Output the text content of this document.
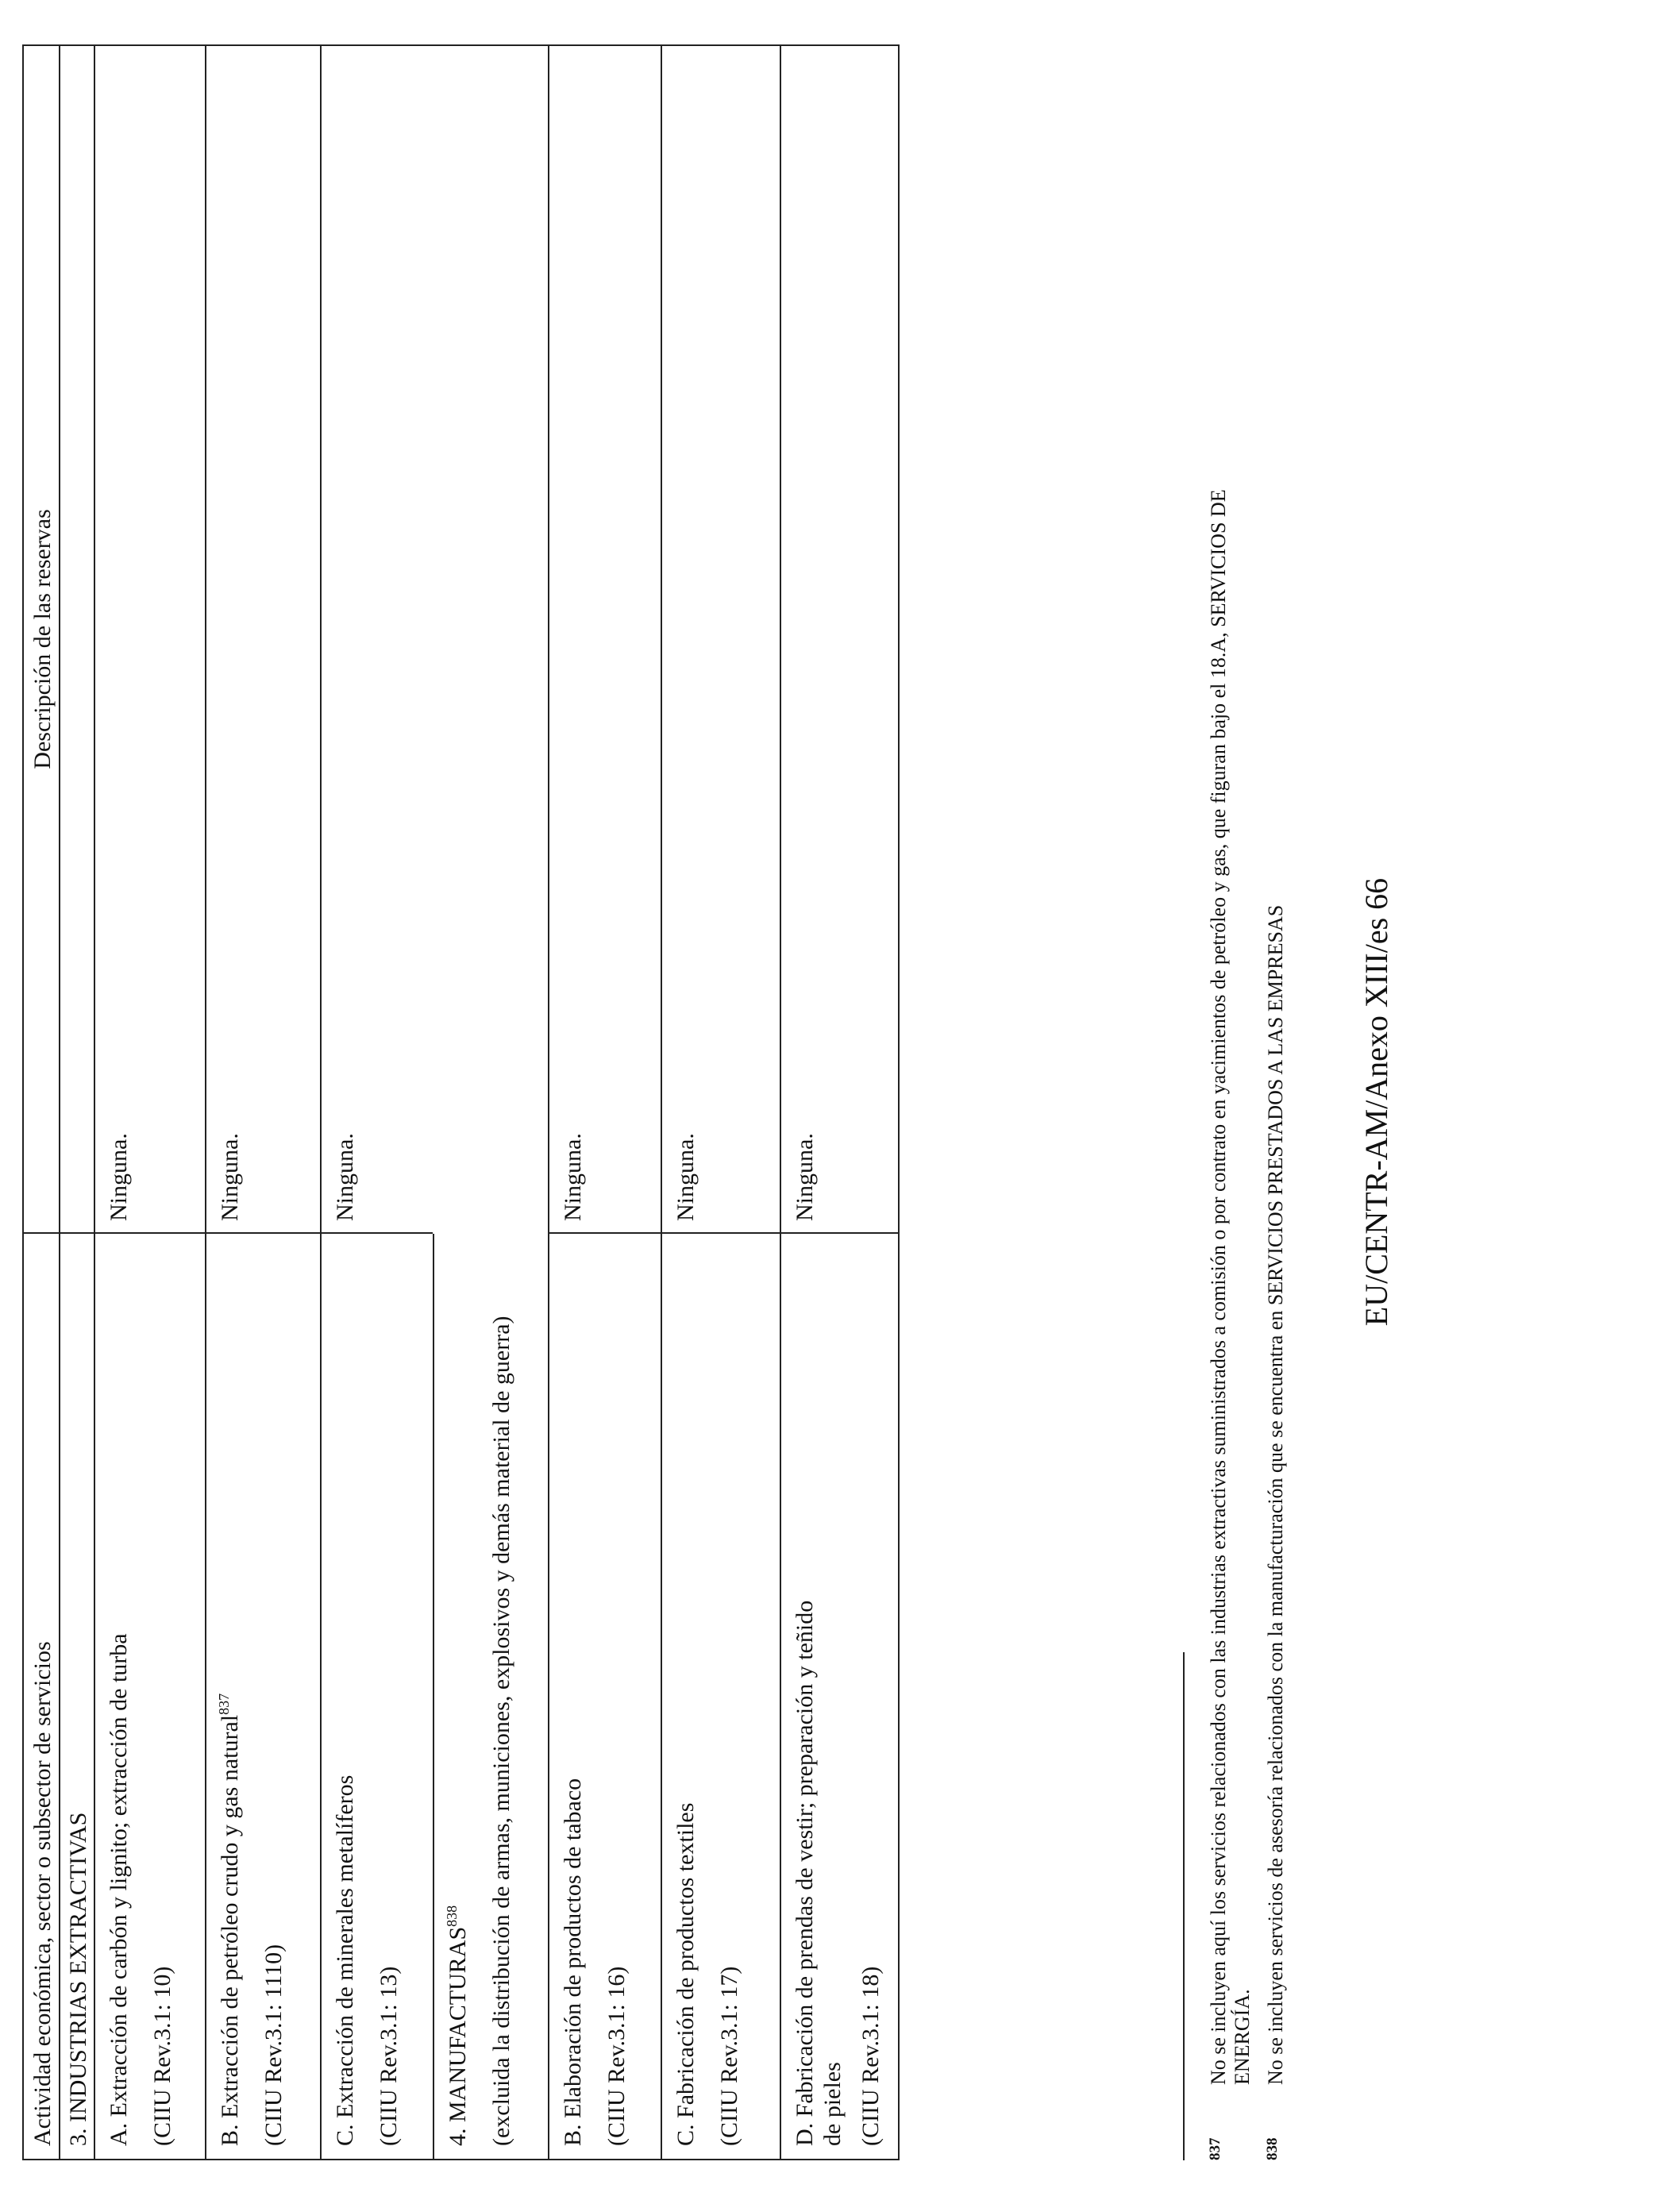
Actividad económica, sector o subsector de servicios
Descripción de las reservas
3. INDUSTRIAS EXTRACTIVAS A. Extracción de carbón y lignito; extracción de turba (CIIU Rev.3.1: 10)
Ninguna.
B. Extracción de petróleo crudo y gas natural$^{837}$
(CIIU Rev.3.1: 1110)
Ninguna.
C. Extracción de minerales metalíferos (CIIU Rev.3.1: 13)
Ninguna.
4. MANUFACTURAS$^{838}$	(excluida la distribución de armas, municiones, explosivos y demás material de guerra) B. Elaboración de productos de tabaco (CIIU Rev.3.1: 16)
Ninguna.
C. Fabricación de productos textiles (CIIU Rev.3.1: 17)
Ninguna.
D. Fabricación de prendas de vestir; preparación y teñido de pieles (CIIU Rev.3.1: 18)
Ninguna.
837
No se incluyen aquí los servicios relacionados con las industrias extractivas suministrados a comisión o por contrato en yacimientos de petróleo y gas, que figuran bajo el 18.A, SERVICIOS DE ENERGÍA.
838
No se incluyen servicios de asesoría relacionados con la manufacturación que se encuentra en SERVICIOS PRESTADOS A LAS EMPRESAS EU/CENTR-AM/Anexo XIII/es 66
